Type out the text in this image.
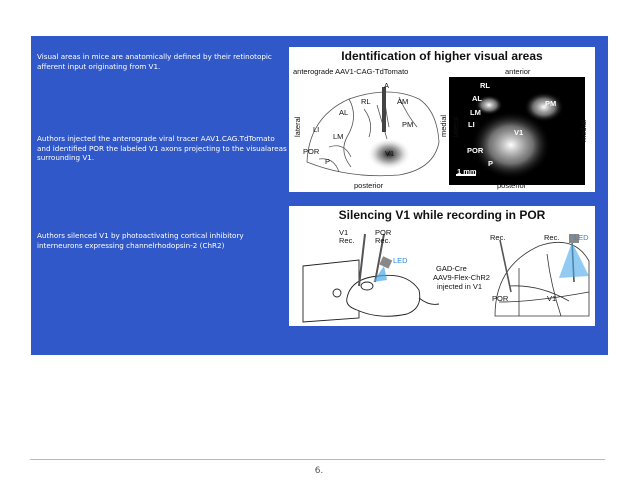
Visual areas in mice are anatomically defined by their retinotopic afferent input originating from V1.

Authors injected the anterograde viral tracer AAV1.CAG.TdTomato and identified POR the labeled V1 axons projecting to the visualareas surrounding V1.

Authors silenced V1 by photoactivating cortical inhibitory interneurons expressing channelrhodopsin-2 (ChR2)

Identification of higher visual areas
anterograde AAV1-CAG-TdTomato	anterior
A
RL	AM
AL
PM
LI
LM
POR
P
V1
RL
AL
PM
LM
LI
V1
POR
P
1 mm
lateral	medial lateral	medial
posterior	posterior
Silencing V1 while recording in POR
V1
Rec.
POR
Rec.
LED
GAD-Cre
AAV9-Flex-ChR2
injected in V1
Rec.	Rec. LED
POR	V1
6.
